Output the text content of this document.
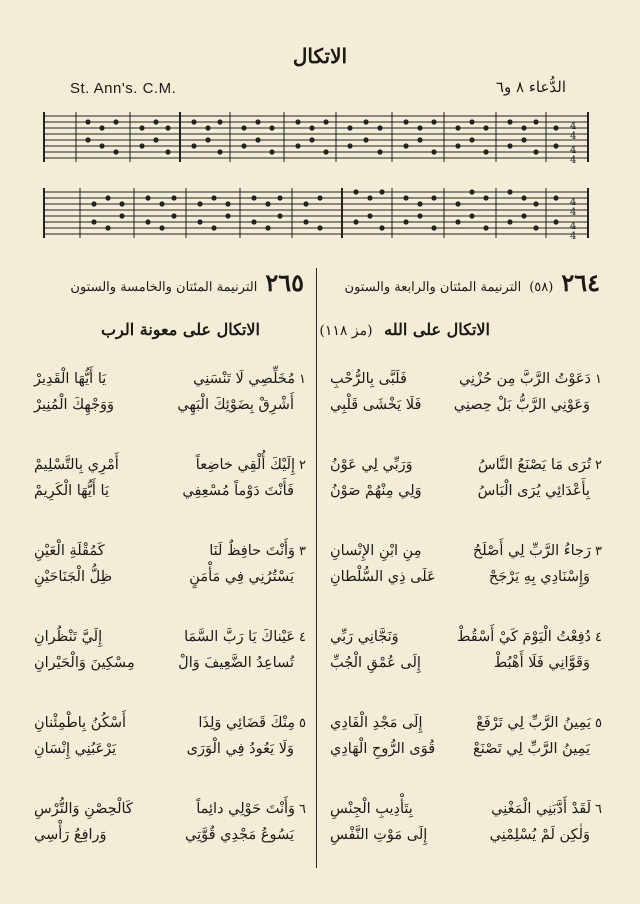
الاتكال
St. Ann's. C.M.	الدُّعاء ٨ و٦
4
4
4
4
4
4
4
4
٢٦٤
(٥٨)
الترنيمة المئتان والرابعة والستون
الاتكال على الله (مز ١١٨)
١دَعَوْتُ الرَّبَّ مِن حُزْنِي
فَلَبَّى بِالرُّحْبِ
وَعَوْنِي الرَّبُّ بَلْ حِصنِي
فَلَا يَخْشَى قَلْبِي
٢تُرَى مَا يَصْنَعُ النَّاسُ
وَرَبِّي لِي عَوْنُ
بِأَعْدَائِي يُرَى الْبَاسُ
وَلِي مِنْهُمْ صَوْنُ
٣رَجاءُ الرَّبِّ لِي أَصْلَحُ
مِنِ ابْنِ الإِنْسانِ
وَإِسْنَادِي بِهِ يَرْجَحْ
عَلَى ذِي السُّلْطانِ
٤دُفِعْتُ الْيَوْمَ كَيْ أَسْقُطْ
وَنَجَّانِي رَبِّي
وَقَوَّانِي فَلَا أَهْبُطْ
إِلَى عُمْقِ الْجُبِّ
٥يَمِينُ الرَّبِّ لِي تَرْفَعْ
إِلَى مَجْدِ الْفَادِي
يَمِينُ الرَّبِّ لِي تَصْنَعْ
قُوَى الرُّوحِ الْهَادِي
٦لَقَدْ أَدَّبَنِي الْمَغْنِي
بِتَأْدِيبِ الْجِنْسِ
وَلٰكِن لَمْ يُسْلِمْنِي
إِلَى مَوْتِ النَّفْسِ
٢٦٥
الترنيمة المئتان والخامسة والستون
الاتكال على معونة الرب
١مُخَلِّصِي لَا تَنْسَنِي
يَا أَيُّهَا الْقَدِيرْ
أَشْرِقْ بِضَوْئِكَ الْبَهِي
وَوَجْهِكَ الْمُنِيرْ
٢إِلَيْكَ أُلْقِي خاضِعاً
أَمْرِي بِالتَّسْلِيمْ
فَأَنْتَ دَوْماً مُسْعِفِي
يَا أَيُّهَا الْكَرِيمْ
٣وَأَنْتَ حافِظٌ لَنَا
كَمُقْلَةِ الْعَيْنِ
يَسْتُرُنِي فِي مَأْمَنٍ
ظِلُّ الْجَنَاحَيْنِ
٤عَيْناكَ يَا رَبَّ السَّمَا
إِلَيَّ تَنْظُرانِ
تُساعِدُ الضَّعِيفَ وَالْ
مِسْكِينَ وَالْحَيْرانِ
٥مِنْكَ قَضَائِي وَلِذَا
أَسْكُنُ بِاطْمِئْنانِ
وَلَا يَعُودُ فِي الْوَرَى
يَرْعَبُنِي إِنْسَانِ
٦وَأَنْتَ حَوْلِي دائِماً
كَالْحِصْنِ وَالتُّرْسِ
يَسُوعُ مَجْدِي قُوَّتِي
وَرافِعُ رَأْسِي
